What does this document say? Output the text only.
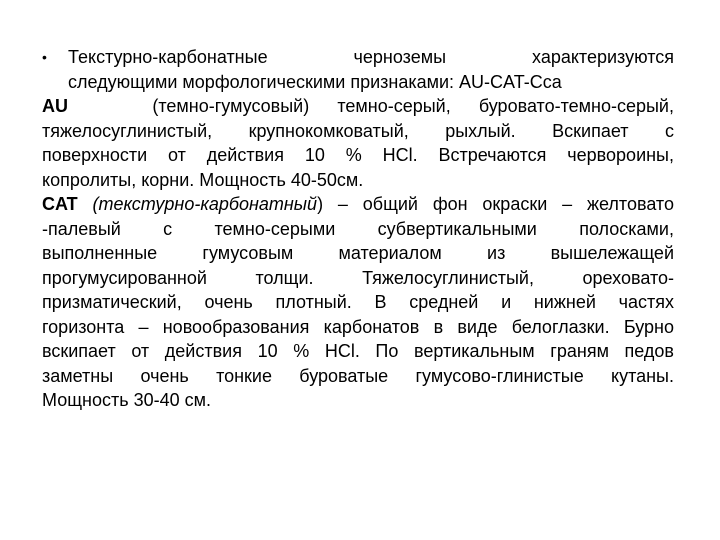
•	Текстурно-карбонатные черноземы характеризуются
следующими морфологическими признаками: AU-CAT-Cca
AU	(темно-гумусовый) темно-серый, буровато-темно-серый,
тяжелосуглинистый, крупнокомковатый, рыхлый. Вскипает с
поверхности от действия 10 % HCl. Встречаются червороины,
копролиты, корни. Мощность 40-50см.
CAT (текстурно-карбонатный) – общий фон окраски – желтовато
-палевый с темно-серыми субвертикальными полосками,
выполненные гумусовым материалом из вышележащей
прогумусированной толщи. Тяжелосуглинистый, ореховато-
призматический, очень плотный. В средней и нижней частях
горизонта – новообразования карбонатов в виде белоглазки. Бурно
вскипает от действия 10 % HCl. По вертикальным граням педов
заметны очень тонкие буроватые гумусово-глинистые кутаны.
Мощность 30-40 см.
